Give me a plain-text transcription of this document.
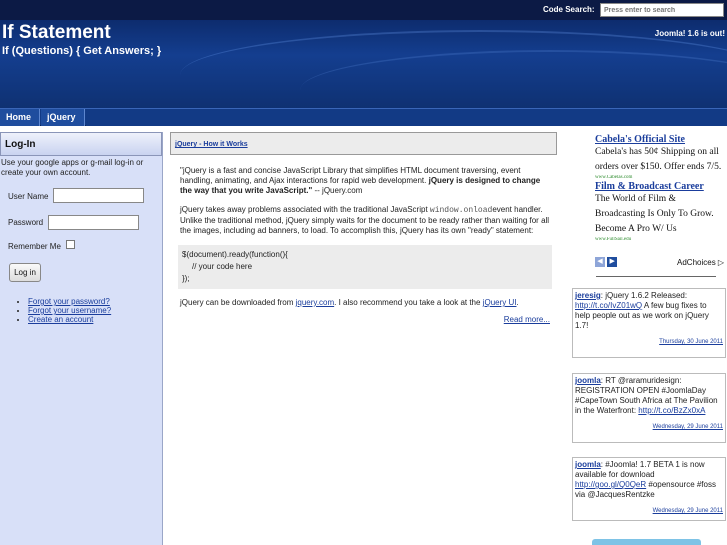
Code Search:
Press enter to search
If Statement
If (Questions) { Get Answers; }
Joomla! 1.6 is out!
Home	jQuery
Log-In
Use your google apps or g-mail log-in or create your own account.
User Name
Password
Remember Me
Log in
• Forgot your password?
• Forgot your username?
• Create an account
jQuery - How it Works

"jQuery is a fast and concise JavaScript Library that simplifies HTML document traversing, event handling, animating, and Ajax interactions for rapid web development. jQuery is designed to change the way that you write JavaScript." -- jQuery.com

jQuery takes away problems associated with the traditional JavaScript window.onloadevent handler. Unlike the traditional method, jQuery simply waits for the document to be ready rather than waiting for all the images, including ad banners, to load. To accomplish this, jQuery has its own "ready" statement:

$(document).ready(function(){
// your code here
});

jQuery can be downloaded from jquery.com. I also recommend you take a look at the jQuery UI.

Read more...
Cabela's Official Site
Cabela's has 50¢ Shipping on all orders over $150. Offer ends 7/5.
www.Cabelas.com
Film & Broadcast Career
The World of Film & Broadcasting Is Only To Grow. Become A Pro W/ Us
www.FullSail.edu
◀ ▶	AdChoices ▷
jeresig: jQuery 1.6.2 Released: http://t.co/IvZ01wQ A few bug fixes to help people out as we work on jQuery 1.7!
Thursday, 30 June 2011
joomla: RT @raramuridesign: REGISTRATION OPEN #JoomlaDay #CapeTown South Africa at The Pavilion in the Waterfront: http://t.co/BzZx0xA
Wednesday, 29 June 2011
joomla: #Joomla! 1.7 BETA 1 is now available for download http://goo.gl/Q0QeR #opensource #foss via @JacquesRentzke
Wednesday, 29 June 2011
